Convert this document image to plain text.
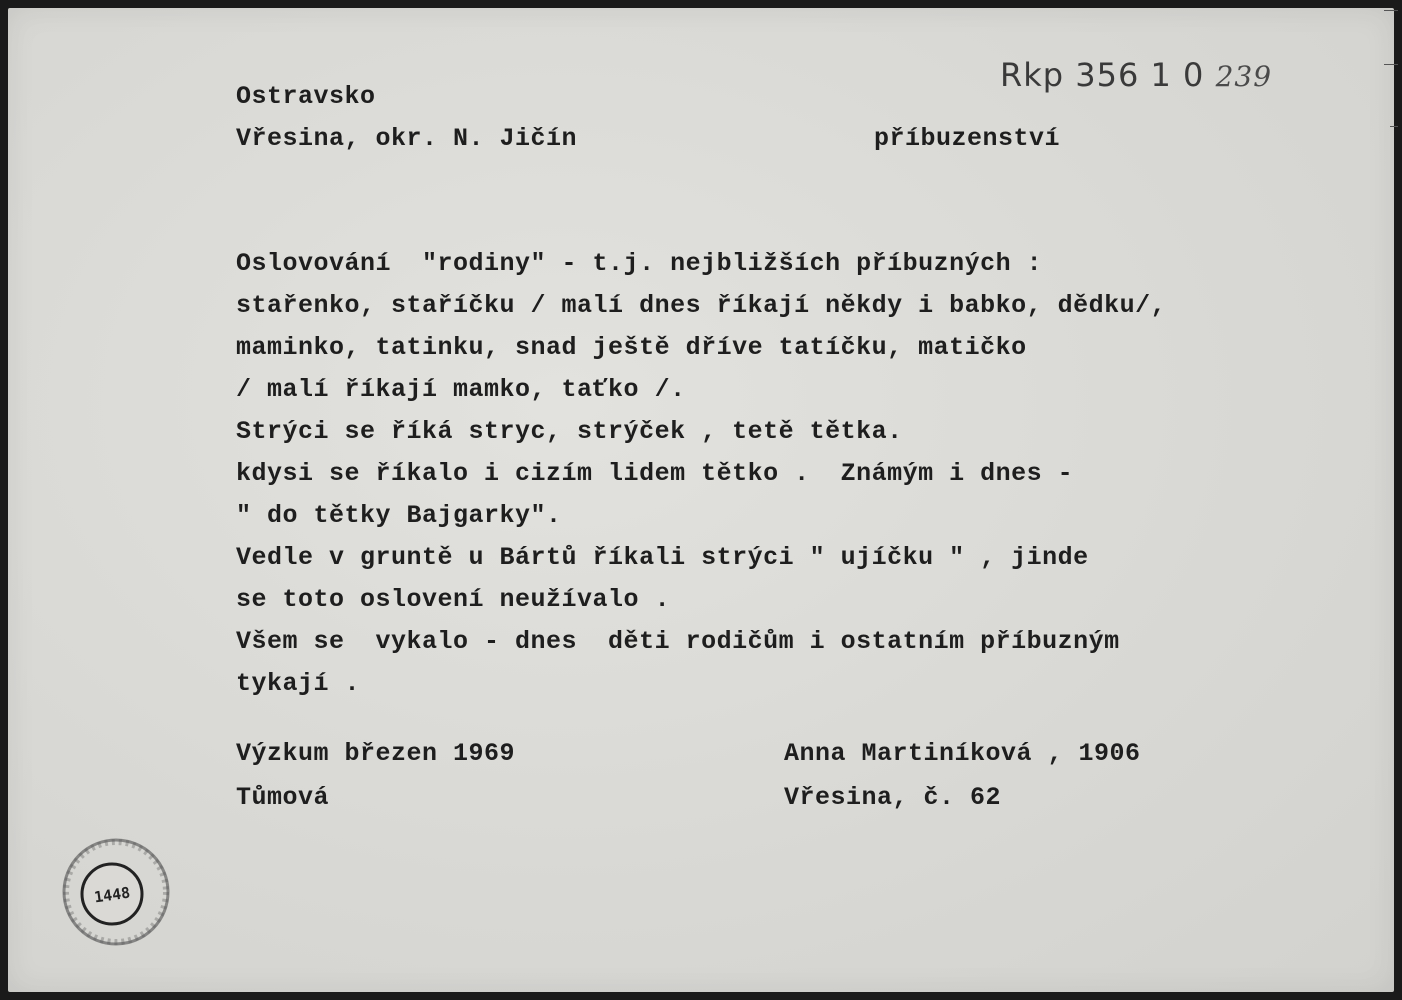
Rkp 356 1 0 239
Ostravsko
Vřesina, okr. N. Jičín	příbuzenství
Oslovování  "rodiny" - t.j. nejbližších příbuzných :
stařenko, staříčku / malí dnes říkají někdy i babko, dědku/,
maminko, tatinku, snad ještě dříve tatíčku, matičko
/ malí říkají mamko, taťko /.
Strýci se říká stryc, strýček , tetě tětka.
kdysi se říkalo i cizím lidem tětko .  Známým i dnes -
" do tětky Bajgarky".
Vedle v gruntě u Bártů říkali strýci " ujíčku " , jinde
se toto oslovení neužívalo .
Všem se  vykalo - dnes  děti rodičům i ostatním příbuzným
tykají .
Výzkum březen 1969
Tůmová
Anna Martiníková , 1906
Vřesina, č. 62
1448
